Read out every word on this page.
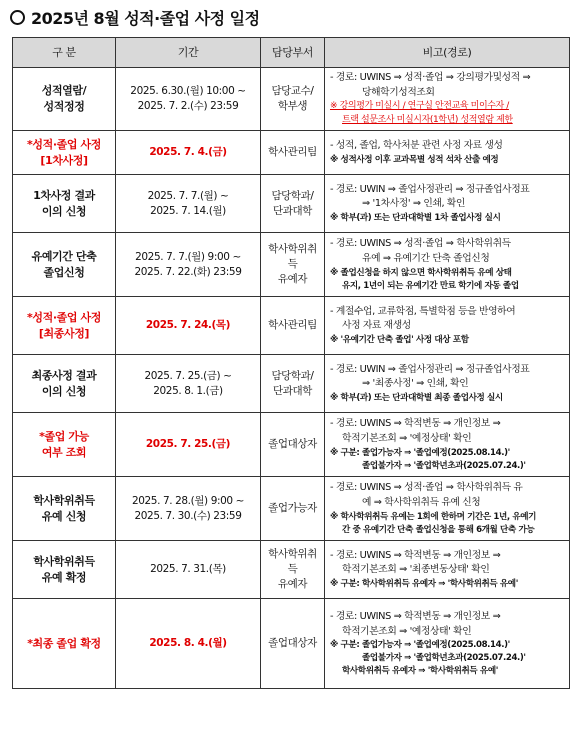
2025년 8월 성적·졸업 사정 일정
구 분	기간	담당부서	비고(경로)

성적열람/
성적정정	2025. 6.30.(월) 10:00 ~
2025. 7. 2.(수) 23:59	담당교수/
학부생	- 경로: UWINS ⇒ 성적·졸업 ⇒ 강의평가및성적 ⇒
당해학기성적조회
※ 강의평가 미실시 / 연구실 안전교육 미이수자 /
트랙 설문조사 미실시자(1학년) 성적열람 제한

*성적·졸업 사정
[1차사정]	2025. 7. 4.(금)	학사관리팀	- 성적, 졸업, 학사처분 관련 사정 자료 생성
※ 성적사정 이후 교과목별 성적 석차 산출 예정

1차사정 결과
이의 신청	2025. 7. 7.(월) ~
2025. 7. 14.(월)	담당학과/
단과대학	- 경로: UWIN ⇒ 졸업사정관리 ⇒ 정규졸업사정표
⇒ '1차사정' ⇒ 인쇄, 확인
※ 학부(과) 또는 단과대학별 1차 졸업사정 실시

유예기간 단축
졸업신청	2025. 7. 7.(월) 9:00 ~
2025. 7. 22.(화) 23:59	학사학위취득
유예자	- 경로: UWINS ⇒ 성적·졸업 ⇒ 학사학위취득
유예 ⇒ 유예기간 단축 졸업신청
※ 졸업신청을 하지 않으면 학사학위취득 유예 상태
유지, 1년이 되는 유예기간 만료 학기에 자동 졸업

*성적·졸업 사정
[최종사정]	2025. 7. 24.(목)	학사관리팀	- 계절수업, 교류학점, 특별학점 등을 반영하여
사정 자료 재생성
※ '유예기간 단축 졸업' 사정 대상 포함

최종사정 결과
이의 신청	2025. 7. 25.(금) ~
2025. 8. 1.(금)	담당학과/
단과대학	- 경로: UWIN ⇒ 졸업사정관리 ⇒ 정규졸업사정표
⇒ '최종사정' ⇒ 인쇄, 확인
※ 학부(과) 또는 단과대학별 최종 졸업사정 실시

*졸업 가능
여부 조회	2025. 7. 25.(금)	졸업대상자	- 경로: UWINS ⇒ 학적변동 ⇒ 개인정보 ⇒
학적기본조회 ⇒ '예정상태' 확인
※ 구분: 졸업가능자 ⇒ '졸업예정(2025.08.14.)'
졸업불가자 ⇒ '졸업학년초과(2025.07.24.)'

학사학위취득
유예 신청	2025. 7. 28.(월) 9:00 ~
2025. 7. 30.(수) 23:59	졸업가능자	- 경로: UWINS ⇒ 성적·졸업 ⇒ 학사학위취득 유
예 ⇒ 학사학위취득 유예 신청
※ 학사학위취득 유예는 1회에 한하며 기간은 1년, 유예기
간 중 유예기간 단축 졸업신청을 통해 6개월 단축 가능

학사학위취득
유예 확정	2025. 7. 31.(목)	학사학위취득
유예자	- 경로: UWINS ⇒ 학적변동 ⇒ 개인정보 ⇒
학적기본조회 ⇒ '최종변동상태' 확인
※ 구분: 학사학위취득 유예자 ⇒ '학사학위취득 유예'

*최종 졸업 확정	2025. 8. 4.(월)	졸업대상자	- 경로: UWINS ⇒ 학적변동 ⇒ 개인정보 ⇒
학적기본조회 ⇒ '예정상태' 확인
※ 구분: 졸업가능자 ⇒ '졸업예정(2025.08.14.)'
졸업불가자 ⇒ '졸업학년초과(2025.07.24.)'
학사학위취득 유예자 ⇒ '학사학위취득 유예'
